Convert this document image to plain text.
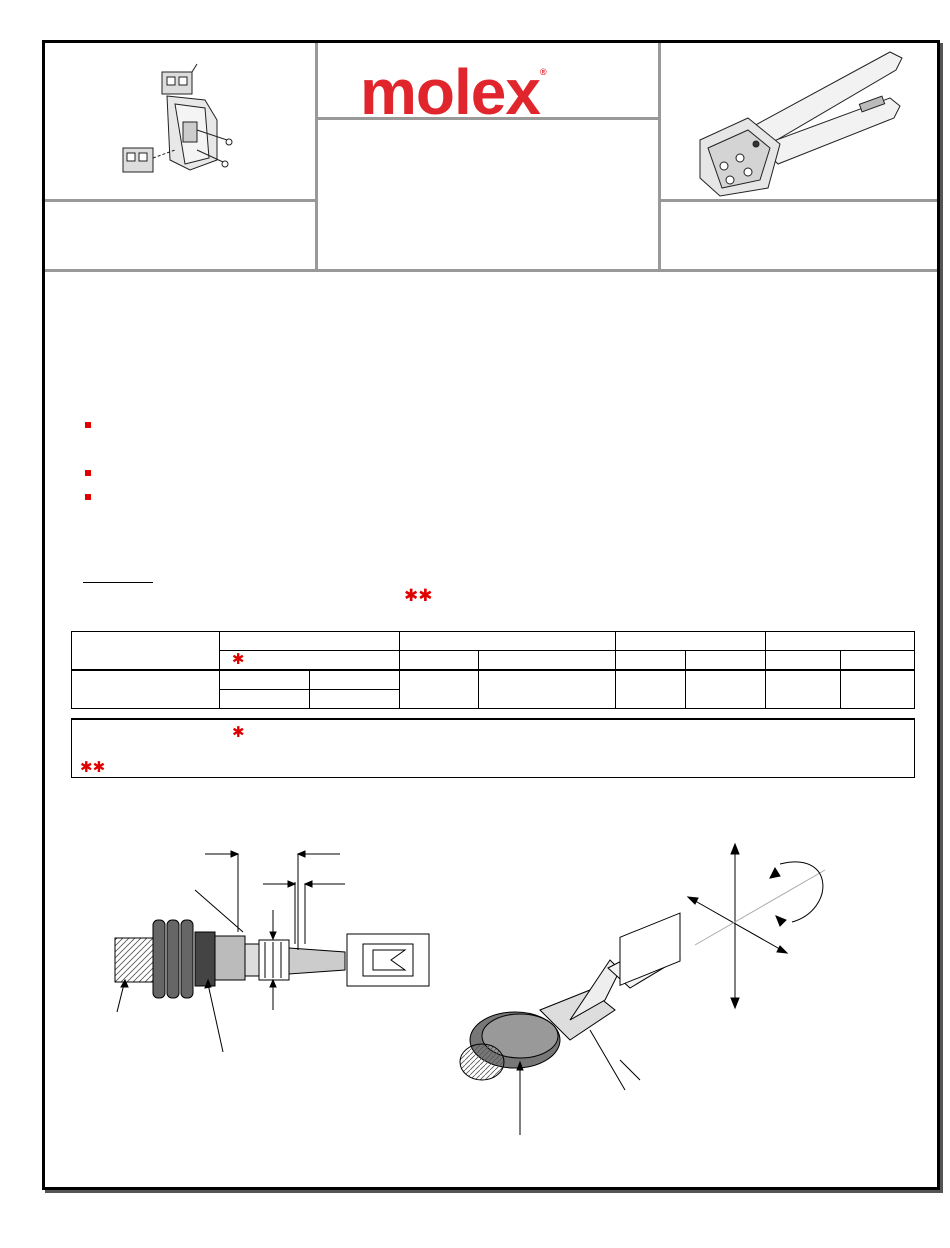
molex®
✱✱

	✱							

✱
✱✱
